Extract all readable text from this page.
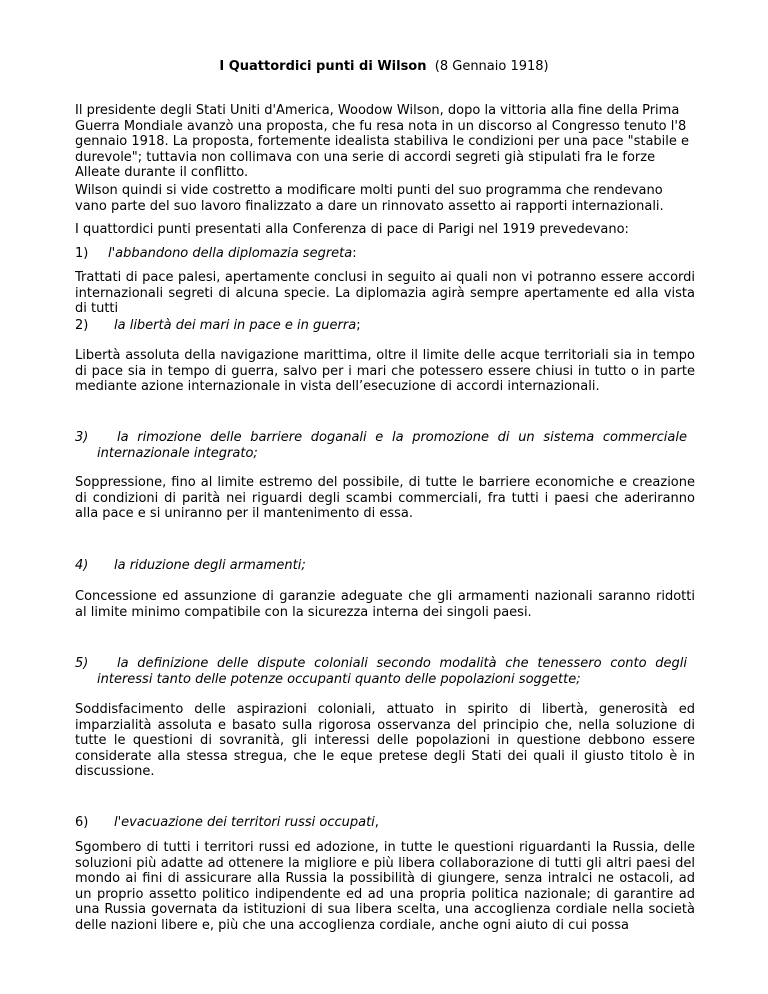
I Quattordici punti di Wilson (8 Gennaio 1918)

Il presidente degli Stati Uniti d'America, Woodow Wilson, dopo la vittoria alla fine della Prima Guerra Mondiale avanzò una proposta, che fu resa nota in un discorso al Congresso tenuto l'8 gennaio 1918. La proposta, fortemente idealista stabiliva le condizioni per una pace "stabile e durevole"; tuttavia non collimava con una serie di accordi segreti già stipulati fra le forze Alleate durante il conflitto.

Wilson quindi si vide costretto a modificare molti punti del suo programma che rendevano vano parte del suo lavoro finalizzato a dare un rinnovato assetto ai rapporti internazionali.

I quattordici punti presentati alla Conferenza di pace di Parigi nel 1919 prevedevano:

1) l'abbandono della diplomazia segreta:

Trattati di pace palesi, apertamente conclusi in seguito ai quali non vi potranno essere accordi internazionali segreti di alcuna specie. La diplomazia agirà sempre apertamente ed alla vista di tutti

2) la libertà dei mari in pace e in guerra;

Libertà assoluta della navigazione marittima, oltre il limite delle acque territoriali sia in tempo di pace sia in tempo di guerra, salvo per i mari che potessero essere chiusi in tutto o in parte mediante azione internazionale in vista dell’esecuzione di accordi internazionali.

3)	la rimozione delle barriere doganali e la promozione di un sistema commerciale internazionale integrato;

Soppressione, fino al limite estremo del possibile, di tutte le barriere economiche e creazione di condizioni di parità nei riguardi degli scambi commerciali, fra tutti i paesi che aderiranno alla pace e si uniranno per il mantenimento di essa.

4) la riduzione degli armamenti;

Concessione ed assunzione di garanzie adeguate che gli armamenti nazionali saranno ridotti al limite minimo compatibile con la sicurezza interna dei singoli paesi.

5)	la definizione delle dispute coloniali secondo modalità che tenessero conto degli interessi tanto delle potenze occupanti quanto delle popolazioni soggette;

Soddisfacimento delle aspirazioni coloniali, attuato in spirito di libertà, generosità ed imparzialità assoluta e basato sulla rigorosa osservanza del principio che, nella soluzione di tutte le questioni di sovranità, gli interessi delle popolazioni in questione debbono essere considerate alla stessa stregua, che le eque pretese degli Stati dei quali il giusto titolo è in discussione.

6) l'evacuazione dei territori russi occupati,

Sgombero di tutti i territori russi ed adozione, in tutte le questioni riguardanti la Russia, delle soluzioni più adatte ad ottenere la migliore e più libera collaborazione di tutti gli altri paesi del mondo ai fini di assicurare alla Russia la possibilità di giungere, senza intralci ne ostacoli, ad un proprio assetto politico indipendente ed ad una propria politica nazionale; di garantire ad una Russia governata da istituzioni di sua libera scelta, una accoglienza cordiale nella società delle nazioni libere e, più che una accoglienza cordiale, anche ogni aiuto di cui possa
